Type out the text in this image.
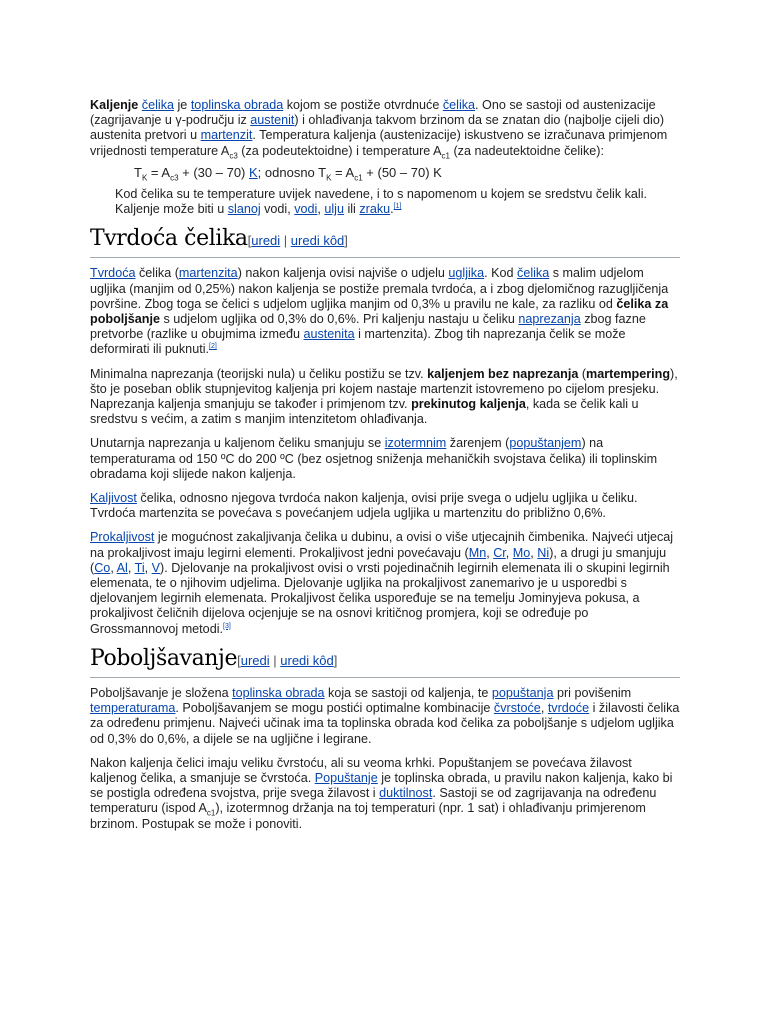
Kaljenje čelika je toplinska obrada kojom se postiže otvrdnuće čelika. Ono se sastoji od austenizacije (zagrijavanje u γ-području iz austenit) i ohlađivanja takvom brzinom da se znatan dio (najbolje cijeli dio) austenita pretvori u martenzit. Temperatura kaljenja (austenizacije) iskustveno se izračunava primjenom vrijednosti temperature $A_{c3}$ (za podeutektoidne) i temperature $A_{c1}$ (za nadeutektoidne čelike):

$T_K = A_{c3} + (30 - 70)$ K; odnosno $T_K = A_{c1} + (50 - 70)$ K

Kod čelika su te temperature uvijek navedene, i to s napomenom u kojem se sredstvu čelik kali. Kaljenje može biti u slanoj vodi, vodi, ulju ili zraku.[1]

Tvrdoća čelika[uredi | uredi kôd]

Tvrdoća čelika (martenzita) nakon kaljenja ovisi najviše o udjelu ugljika. Kod čelika s malim udjelom ugljika (manjim od 0,25%) nakon kaljenja se postiže premala tvrdoća, a i zbog djelomičnog razugljičenja površine. Zbog toga se čelici s udjelom ugljika manjim od 0,3% u pravilu ne kale, za razliku od čelika za poboljšanje s udjelom ugljika od 0,3% do 0,6%. Pri kaljenju nastaju u čeliku naprezanja zbog fazne pretvorbe (razlike u obujmima između austenita i martenzita). Zbog tih naprezanja čelik se može deformirati ili puknuti.[2]

Minimalna naprezanja (teorijski nula) u čeliku postižu se tzv. kaljenjem bez naprezanja (martempering), što je poseban oblik stupnjevitog kaljenja pri kojem nastaje martenzit istovremeno po cijelom presjeku. Naprezanja kaljenja smanjuju se također i primjenom tzv. prekinutog kaljenja, kada se čelik kali u sredstvu s većim, a zatim s manjim intenzitetom ohlađivanja.

Unutarnja naprezanja u kaljenom čeliku smanjuju se izotermnim žarenjem (popuštanjem) na temperaturama od 150 ºC do 200 ºC (bez osjetnog sniženja mehaničkih svojstava čelika) ili toplinskim obradama koji slijede nakon kaljenja.

Kaljivost čelika, odnosno njegova tvrdoća nakon kaljenja, ovisi prije svega o udjelu ugljika u čeliku. Tvrdoća martenzita se povećava s povećanjem udjela ugljika u martenzitu do približno 0,6%.

Prokaljivost je mogućnost zakaljivanja čelika u dubinu, a ovisi o više utjecajnih čimbenika. Najveći utjecaj na prokaljivost imaju legirni elementi. Prokaljivost jedni povećavaju (Mn, Cr, Mo, Ni), a drugi ju smanjuju (Co, Al, Ti, V). Djelovanje na prokaljivost ovisi o vrsti pojedinačnih legirnih elemenata ili o skupini legirnih elemenata, te o njihovim udjelima. Djelovanje ugljika na prokaljivost zanemarivo je u usporedbi s djelovanjem legirnih elemenata. Prokaljivost čelika uspoređuje se na temelju Jominyjeva pokusa, a prokaljivost čeličnih dijelova ocjenjuje se na osnovi kritičnog promjera, koji se određuje po Grossmannovoj metodi.[3]

Poboljšavanje[uredi | uredi kôd]

Poboljšavanje je složena toplinska obrada koja se sastoji od kaljenja, te popuštanja pri povišenim temperaturama. Poboljšavanjem se mogu postići optimalne kombinacije čvrstoće, tvrdoće i žilavosti čelika za određenu primjenu. Najveći učinak ima ta toplinska obrada kod čelika za poboljšanje s udjelom ugljika od 0,3% do 0,6%, a dijele se na ugljične i legirane.

Nakon kaljenja čelici imaju veliku čvrstoću, ali su veoma krhki. Popuštanjem se povećava žilavost kaljenog čelika, a smanjuje se čvrstoća. Popuštanje je toplinska obrada, u pravilu nakon kaljenja, kako bi se postigla određena svojstva, prije svega žilavost i duktilnost. Sastoji se od zagrijavanja na određenu temperaturu (ispod $A_{c1}$), izotermnog držanja na toj temperaturi (npr. 1 sat) i ohlađivanju primjerenom brzinom. Postupak se može i ponoviti.
